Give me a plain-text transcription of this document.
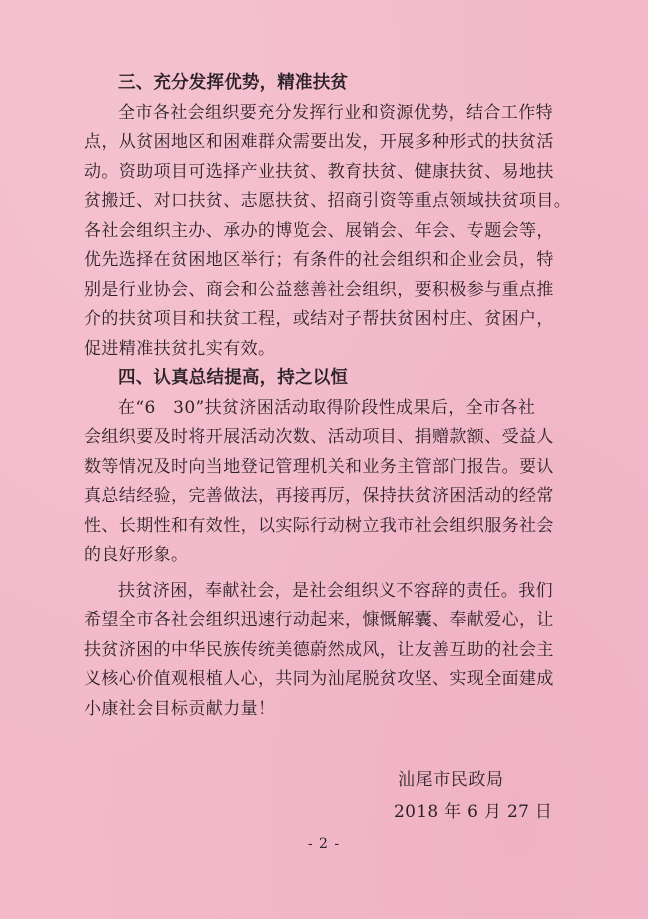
三、充分发挥优势，精准扶贫
全市各社会组织要充分发挥行业和资源优势，结合工作特
点，从贫困地区和困难群众需要出发，开展多种形式的扶贫活
动。资助项目可选择产业扶贫、教育扶贫、健康扶贫、易地扶
贫搬迁、对口扶贫、志愿扶贫、招商引资等重点领域扶贫项目。
各社会组织主办、承办的博览会、展销会、年会、专题会等，
优先选择在贫困地区举行；有条件的社会组织和企业会员，特
别是行业协会、商会和公益慈善社会组织，要积极参与重点推
介的扶贫项目和扶贫工程，或结对子帮扶贫困村庄、贫困户，
促进精准扶贫扎实有效。
四、认真总结提高，持之以恒
在“6　30”扶贫济困活动取得阶段性成果后，全市各社
会组织要及时将开展活动次数、活动项目、捐赠款额、受益人
数等情况及时向当地登记管理机关和业务主管部门报告。要认
真总结经验，完善做法，再接再厉，保持扶贫济困活动的经常
性、长期性和有效性，以实际行动树立我市社会组织服务社会
的良好形象。
扶贫济困，奉献社会，是社会组织义不容辞的责任。我们
希望全市各社会组织迅速行动起来，慷慨解囊、奉献爱心，让
扶贫济困的中华民族传统美德蔚然成风，让友善互助的社会主
义核心价值观根植人心，共同为汕尾脱贫攻坚、实现全面建成
小康社会目标贡献力量！
汕尾市民政局
2018 年 6 月 27 日
- 2 -
